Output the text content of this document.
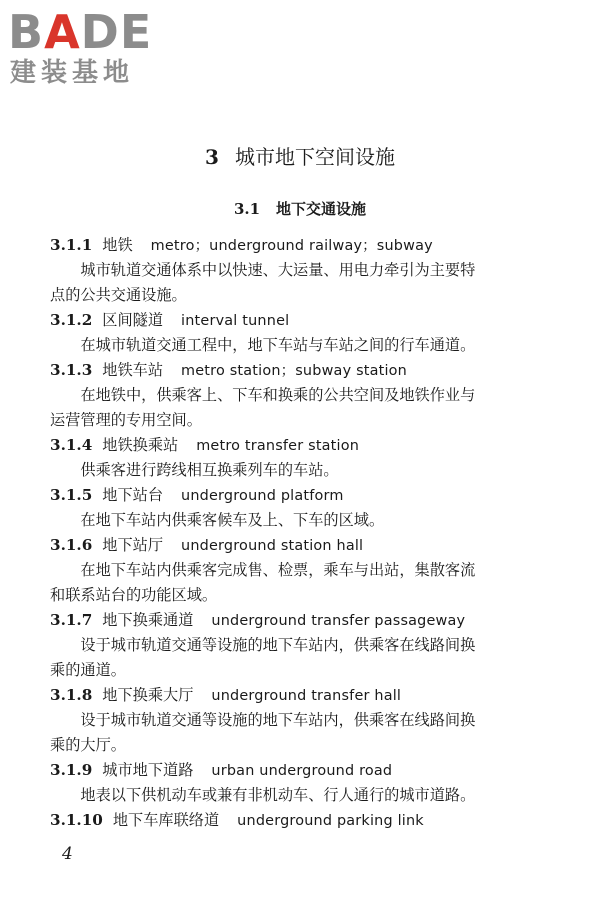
BADE
建装基地
3 城市地下空间设施
3.1 地下交通设施
3.1.1 地铁 metro；underground railway；subway
城市轨道交通体系中以快速、大运量、用电力牵引为主要特
点的公共交通设施。
3.1.2 区间隧道 interval tunnel
在城市轨道交通工程中，地下车站与车站之间的行车通道。
3.1.3 地铁车站 metro station；subway station
在地铁中，供乘客上、下车和换乘的公共空间及地铁作业与
运营管理的专用空间。
3.1.4 地铁换乘站 metro transfer station
供乘客进行跨线相互换乘列车的车站。
3.1.5 地下站台 underground platform
在地下车站内供乘客候车及上、下车的区域。
3.1.6 地下站厅 underground station hall
在地下车站内供乘客完成售、检票，乘车与出站，集散客流
和联系站台的功能区域。
3.1.7 地下换乘通道 underground transfer passageway
设于城市轨道交通等设施的地下车站内，供乘客在线路间换
乘的通道。
3.1.8 地下换乘大厅 underground transfer hall
设于城市轨道交通等设施的地下车站内，供乘客在线路间换
乘的大厅。
3.1.9 城市地下道路 urban underground road
地表以下供机动车或兼有非机动车、行人通行的城市道路。
3.1.10 地下车库联络道 underground parking link
4
